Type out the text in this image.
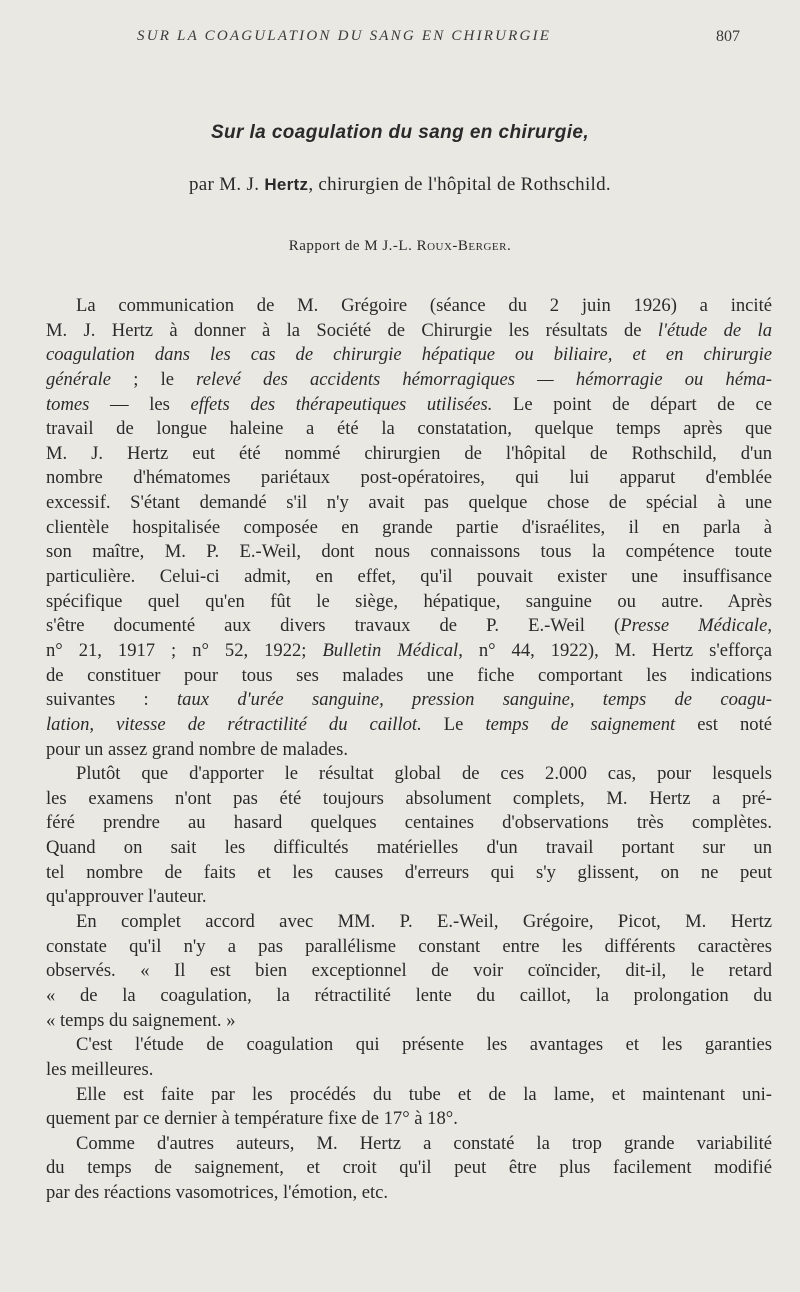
SUR LA COAGULATION DU SANG EN CHIRURGIE	807
Sur la coagulation du sang en chirurgie,
par M. J. Hertz, chirurgien de l'hôpital de Rothschild.
Rapport de M J.-L. Roux-Berger.
La communication de M. Grégoire (séance du 2 juin 1926) a incité
M. J. Hertz à donner à la Société de Chirurgie les résultats de l'étude de la
coagulation dans les cas de chirurgie hépatique ou biliaire, et en chirurgie
générale ; le relevé des accidents hémorragiques — hémorragie ou héma-
tomes — les effets des thérapeutiques utilisées. Le point de départ de ce
travail de longue haleine a été la constatation, quelque temps après que
M. J. Hertz eut été nommé chirurgien de l'hôpital de Rothschild, d'un
nombre d'hématomes pariétaux post-opératoires, qui lui apparut d'emblée
excessif. S'étant demandé s'il n'y avait pas quelque chose de spécial à une
clientèle hospitalisée composée en grande partie d'israélites, il en parla à
son maître, M. P. E.-Weil, dont nous connaissons tous la compétence toute
particulière. Celui-ci admit, en effet, qu'il pouvait exister une insuffisance
spécifique quel qu'en fût le siège, hépatique, sanguine ou autre. Après
s'être documenté aux divers travaux de P. E.-Weil (Presse Médicale,
n° 21, 1917 ; n° 52, 1922; Bulletin Médical, n° 44, 1922), M. Hertz s'efforça
de constituer pour tous ses malades une fiche comportant les indications
suivantes : taux d'urée sanguine, pression sanguine, temps de coagu-
lation, vitesse de rétractilité du caillot. Le temps de saignement est noté
pour un assez grand nombre de malades.
Plutôt que d'apporter le résultat global de ces 2.000 cas, pour lesquels
les examens n'ont pas été toujours absolument complets, M. Hertz a pré-
féré prendre au hasard quelques centaines d'observations très complètes.
Quand on sait les difficultés matérielles d'un travail portant sur un
tel nombre de faits et les causes d'erreurs qui s'y glissent, on ne peut
qu'approuver l'auteur.
En complet accord avec MM. P. E.-Weil, Grégoire, Picot, M. Hertz
constate qu'il n'y a pas parallélisme constant entre les différents caractères
observés. « Il est bien exceptionnel de voir coïncider, dit-il, le retard
« de la coagulation, la rétractilité lente du caillot, la prolongation du
« temps du saignement. »
C'est l'étude de coagulation qui présente les avantages et les garanties
les meilleures.
Elle est faite par les procédés du tube et de la lame, et maintenant uni-
quement par ce dernier à température fixe de 17° à 18°.
Comme d'autres auteurs, M. Hertz a constaté la trop grande variabilité
du temps de saignement, et croit qu'il peut être plus facilement modifié
par des réactions vasomotrices, l'émotion, etc.
